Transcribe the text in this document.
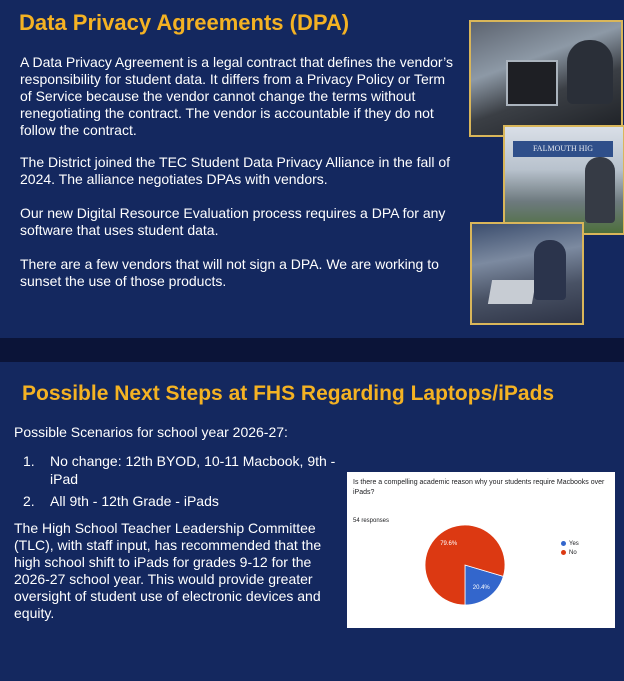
Data Privacy Agreements (DPA)
A Data Privacy Agreement is a legal contract that defines the vendor’s responsibility for student data. It differs from a Privacy Policy or Term of Service because the vendor cannot change the terms without renegotiating the contract. The vendor is accountable if they do not follow the contract.
The District joined the TEC Student Data Privacy Alliance in the fall of 2024. The alliance negotiates DPAs with vendors.
Our new Digital Resource Evaluation process requires a DPA for any software that uses student data.
There are a few vendors that will not sign a DPA. We are working to sunset the use of those products.
FALMOUTH HIG
Possible Next Steps at FHS Regarding Laptops/iPads
Possible Scenarios for school year 2026-27:
1. No change: 12th BYOD, 10-11 Macbook, 9th - iPad
2. All 9th - 12th Grade - iPads
The High School Teacher Leadership Committee (TLC), with staff input, has recommended that the high school shift to iPads for grades 9-12 for the 2026-27 school year. This would provide greater oversight of student use of electronic devices and equity.
Is there a compelling academic reason why your students require Macbooks over iPads?
54 responses
20.4%
79.6%	Yes
No
